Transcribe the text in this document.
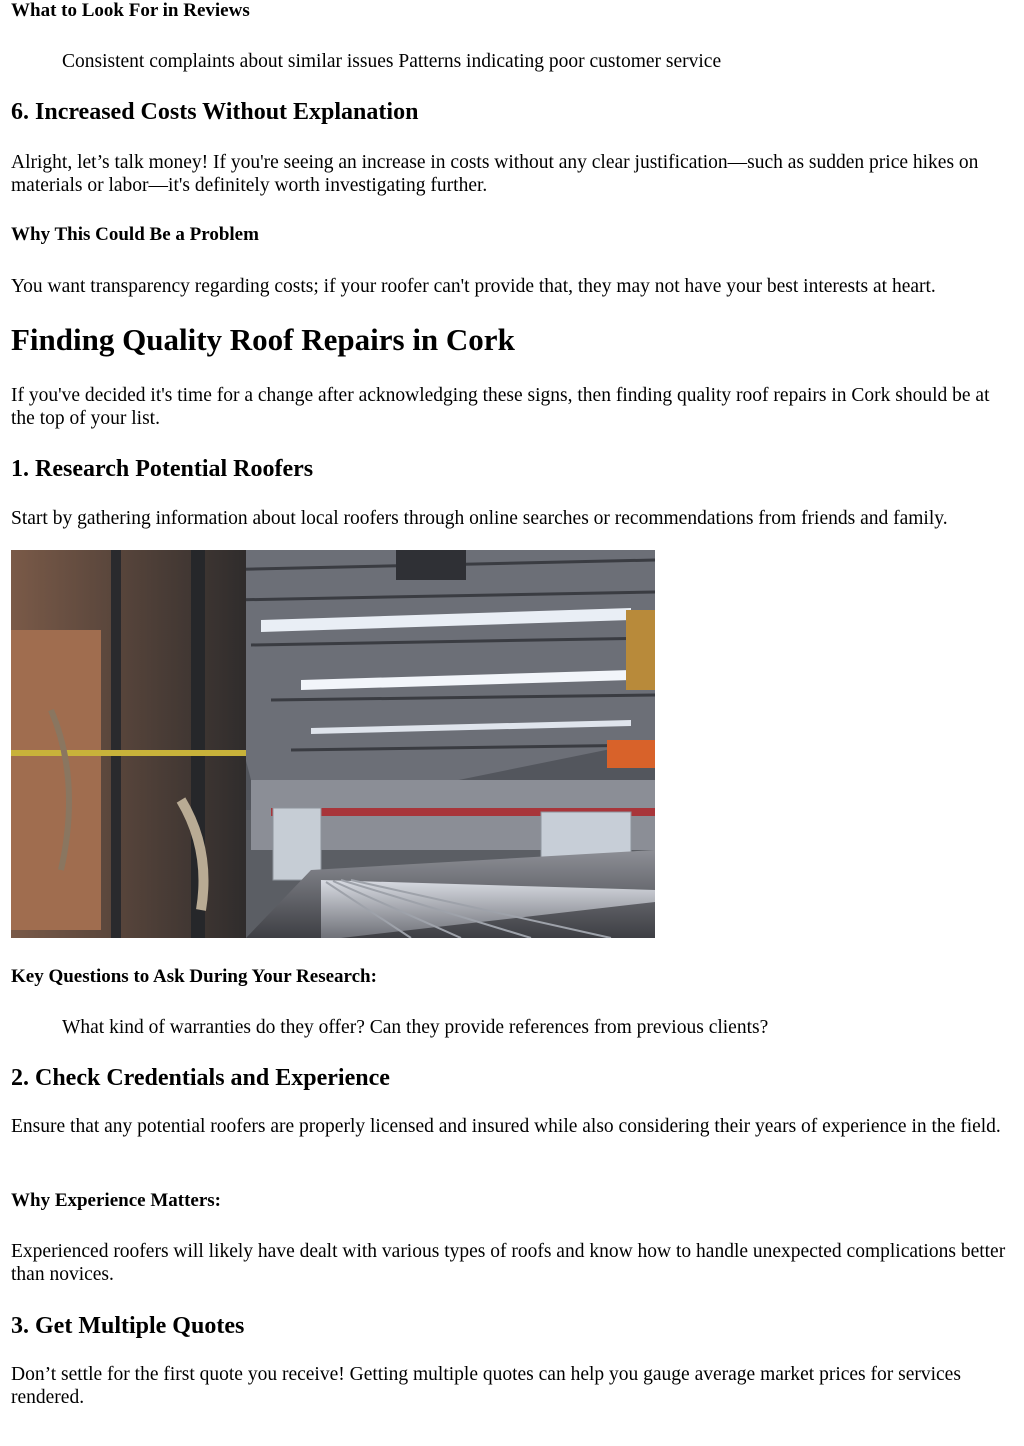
What to Look For in Reviews
Consistent complaints about similar issues Patterns indicating poor customer service
6. Increased Costs Without Explanation
Alright, let’s talk money! If you're seeing an increase in costs without any clear justification—such as sudden price hikes on materials or labor—it's definitely worth investigating further.
Why This Could Be a Problem
You want transparency regarding costs; if your roofer can't provide that, they may not have your best interests at heart.
Finding Quality Roof Repairs in Cork
If you've decided it's time for a change after acknowledging these signs, then finding quality roof repairs in Cork should be at the top of your list.
1. Research Potential Roofers
Start by gathering information about local roofers through online searches or recommendations from friends and family.
Key Questions to Ask During Your Research:
What kind of warranties do they offer? Can they provide references from previous clients?
2. Check Credentials and Experience
Ensure that any potential roofers are properly licensed and insured while also considering their years of experience in the field.
Why Experience Matters:
Experienced roofers will likely have dealt with various types of roofs and know how to handle unexpected complications better than novices.
3. Get Multiple Quotes
Don’t settle for the first quote you receive! Getting multiple quotes can help you gauge average market prices for services rendered.
